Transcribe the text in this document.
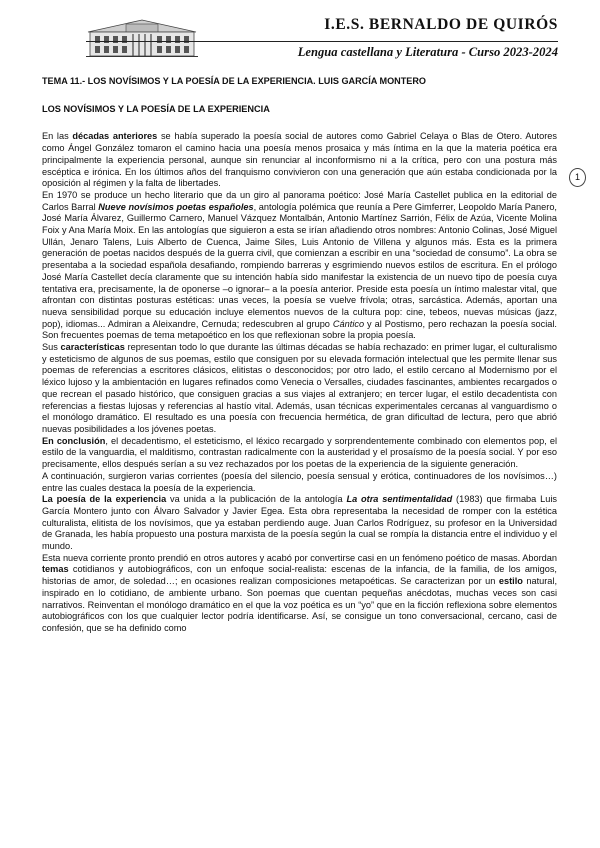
I.E.S. BERNALDO DE QUIRÓS
Lengua castellana y Literatura - Curso 2023-2024
1
TEMA 11.- LOS NOVÍSIMOS Y LA POESÍA DE LA EXPERIENCIA. LUIS GARCÍA MONTERO
LOS NOVÍSIMOS Y LA POESÍA DE LA EXPERIENCIA

En las décadas anteriores se había superado la poesía social de autores como Gabriel Celaya o Blas de Otero. Autores como Ángel González tomaron el camino hacia una poesía menos prosaica y más íntima en la que la materia poética era principalmente la experiencia personal, aunque sin renunciar al inconformismo ni a la crítica, pero con una postura más escéptica e irónica. En los últimos años del franquismo convivieron con una generación que aún estaba condicionada por la oposición al régimen y la falta de libertades.

En 1970 se produce un hecho literario que da un giro al panorama poético: José María Castellet publica en la editorial de Carlos Barral Nueve novísimos poetas españoles, antología polémica que reunía a Pere Gimferrer, Leopoldo María Panero, José María Álvarez, Guillermo Carnero, Manuel Vázquez Montalbán, Antonio Martínez Sarrión, Félix de Azúa, Vicente Molina Foix y Ana María Moix. En las antologías que siguieron a esta se irían añadiendo otros nombres: Antonio Colinas, José Miguel Ullán, Jenaro Talens, Luis Alberto de Cuenca, Jaime Siles, Luis Antonio de Villena y algunos más. Esta es la primera generación de poetas nacidos después de la guerra civil, que comienzan a escribir en una “sociedad de consumo”. La obra se presentaba a la sociedad española desafiando, rompiendo barreras y esgrimiendo nuevos estilos de escritura. En el prólogo José María Castellet decía claramente que su intención había sido manifestar la existencia de un nuevo tipo de poesía cuya tentativa era, precisamente, la de oponerse –o ignorar– a la poesía anterior. Preside esta poesía un íntimo malestar vital, que afrontan con distintas posturas estéticas: unas veces, la poesía se vuelve frívola; otras, sarcástica. Además, aportan una nueva sensibilidad porque su educación incluye elementos nuevos de la cultura pop: cine, tebeos, nuevas músicas (jazz, pop), idiomas... Admiran a Aleixandre, Cernuda; redescubren al grupo Cántico y al Postismo, pero rechazan la poesía social. Son frecuentes poemas de tema metapoético en los que reflexionan sobre la propia poesía.

Sus características representan todo lo que durante las últimas décadas se había rechazado: en primer lugar, el culturalismo y esteticismo de algunos de sus poemas, estilo que consiguen por su elevada formación intelectual que les permite llenar sus poemas de referencias a escritores clásicos, elitistas o desconocidos; por otro lado, el estilo cercano al Modernismo por el léxico lujoso y la ambientación en lugares refinados como Venecia o Versalles, ciudades fascinantes, ambientes recargados o que recrean el pasado histórico, que consiguen gracias a sus viajes al extranjero; en tercer lugar, el estilo decadentista con referencias a fiestas lujosas y referencias al hastío vital. Además, usan técnicas experimentales cercanas al vanguardismo o el monólogo dramático. El resultado es una poesía con frecuencia hermética, de gran dificultad de lectura, pero que abrió nuevas posibilidades a los jóvenes poetas.

En conclusión, el decadentismo, el esteticismo, el léxico recargado y sorprendentemente combinado con elementos pop, el estilo de la vanguardia, el malditismo, contrastan radicalmente con la austeridad y el prosaísmo de la poesía social. Y por eso precisamente, ellos después serían a su vez rechazados por los poetas de la experiencia de la siguiente generación.

A continuación, surgieron varias corrientes (poesía del silencio, poesía sensual y erótica, continuadores de los novísimos…) entre las cuales destaca la poesía de la experiencia.

La poesía de la experiencia va unida a la publicación de la antología La otra sentimentalidad (1983) que firmaba Luis García Montero junto con Álvaro Salvador y Javier Egea. Esta obra representaba la necesidad de romper con la estética culturalista, elitista de los novísimos, que ya estaban perdiendo auge. Juan Carlos Rodríguez, su profesor en la Universidad de Granada, les había propuesto una postura marxista de la poesía según la cual se rompía la distancia entre el individuo y el mundo.

Esta nueva corriente pronto prendió en otros autores y acabó por convertirse casi en un fenómeno poético de masas. Abordan temas cotidianos y autobiográficos, con un enfoque social-realista: escenas de la infancia, de la familia, de los amigos, historias de amor, de soledad…; en ocasiones realizan composiciones metapoéticas. Se caracterizan por un estilo natural, inspirado en lo cotidiano, de ambiente urbano. Son poemas que cuentan pequeñas anécdotas, muchas veces son casi narrativos. Reinventan el monólogo dramático en el que la voz poética es un “yo” que en la ficción reflexiona sobre elementos autobiográficos con los que cualquier lector podría identificarse. Así, se consigue un tono conversacional, cercano, casi de confesión, que se ha definido como
